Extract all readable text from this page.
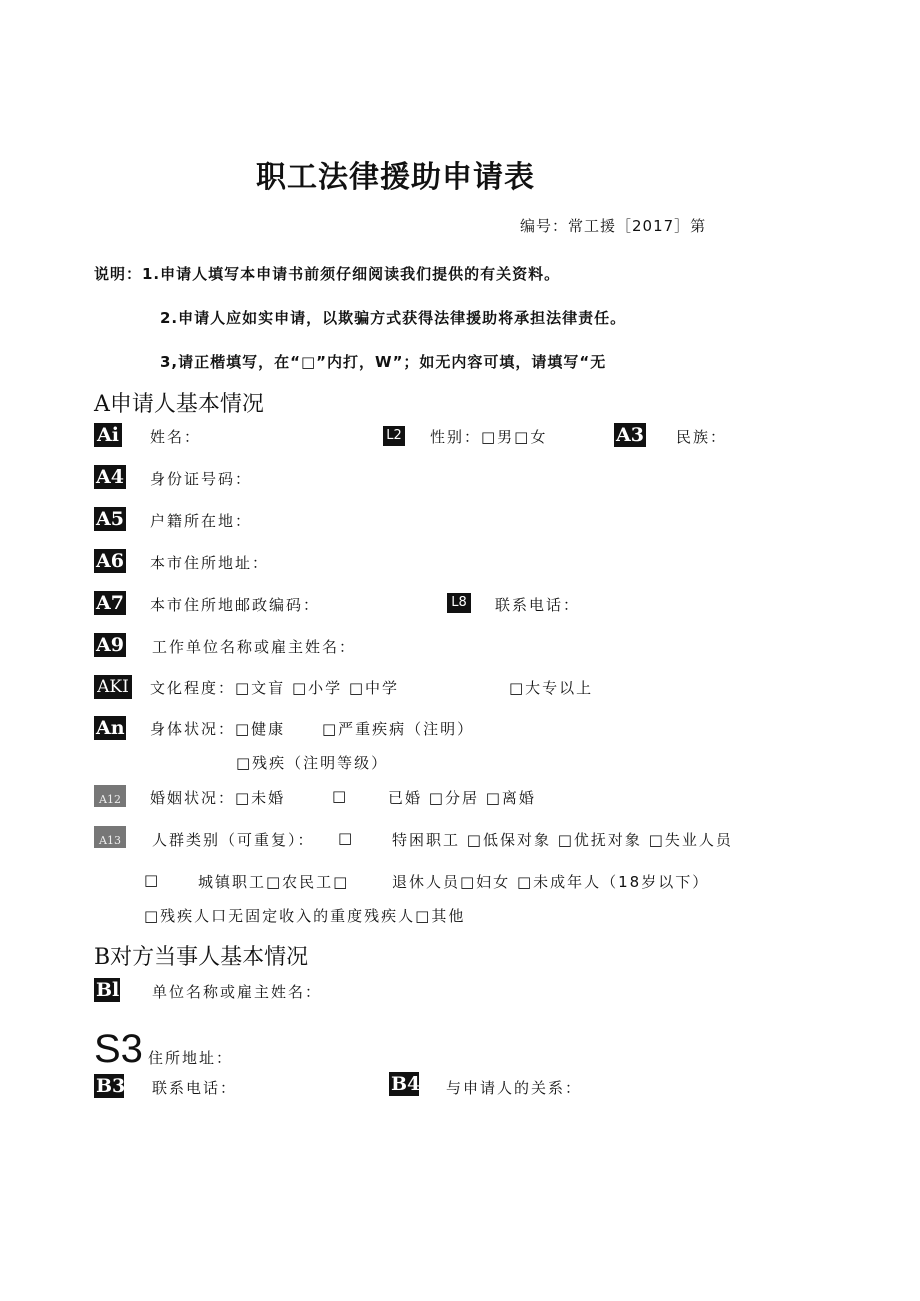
职工法律援助申请表
编号：常工援［2017］第
说明：1.申请人填写本申请书前须仔细阅读我们提供的有关资料。
2.申请人应如实申请，以欺骗方式获得法律援助将承担法律责任。
3,请正楷填写，在“□”内打，W”；如无内容可填，请填写“无
A申请人基本情况
Ai 姓名：	L2 性别：□男□女	A3 民族：
A4 身份证号码：
A5 户籍所在地：
A6 本市住所地址：
A7 本市住所地邮政编码：	L8 联系电话：
A9 工作单位名称或雇主姓名：
AKI 文化程度：□文盲 □小学 □中学	□大专以上
An 身体状况：□健康 □严重疾病（注明）
□残疾（注明等级）
A12	婚姻状况：□未婚	□	已婚 □分居 □离婚
A13	人群类别（可重复）： □	特困职工 □低保对象 □优抚对象 □失业人员
□	城镇职工□农民工□	退休人员□妇女 □未成年人（18岁以下）
□残疾人口无固定收入的重度残疾人□其他
B对方当事人基本情况
Bl 单位名称或雇主姓名：
S3 住所地址：
B3 联系电话：	B4 与申请人的关系：
